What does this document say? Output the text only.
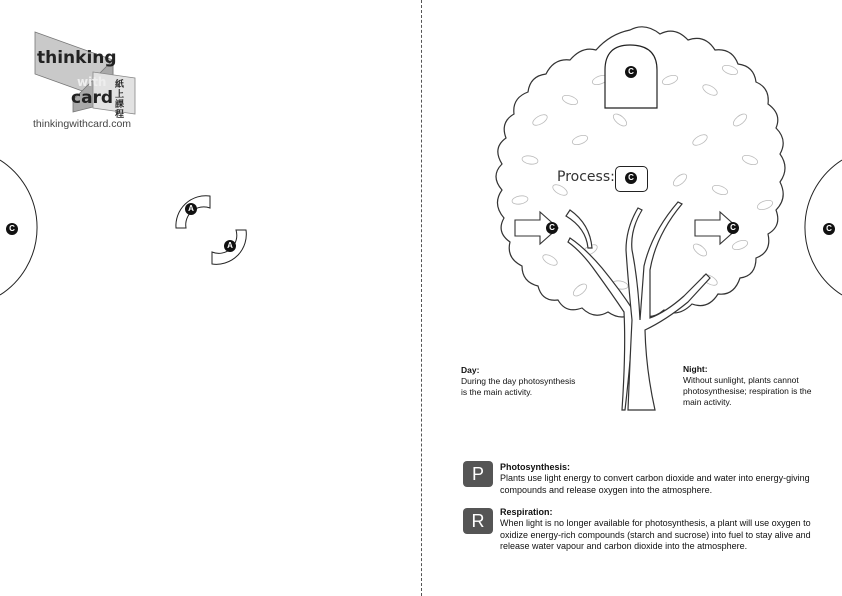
thinking
with
card
紙上課程
thinkingwithcard.com
C
A
A
C
Process:	C
C	C	C
Day:
During the day photosynthesis is the main activity.
Night:
Without sunlight, plants cannot photosynthesise; respiration is the main activity.
P	Photosynthesis:
Plants use light energy to convert carbon dioxide and water into energy-giving compounds and release oxygen into the atmosphere.
R	Respiration:
When light is no longer available for photosynthesis, a plant will use oxygen to oxidize energy-rich compounds (starch and sucrose) into fuel to stay alive and release water vapour and carbon dioxide into the atmosphere.
